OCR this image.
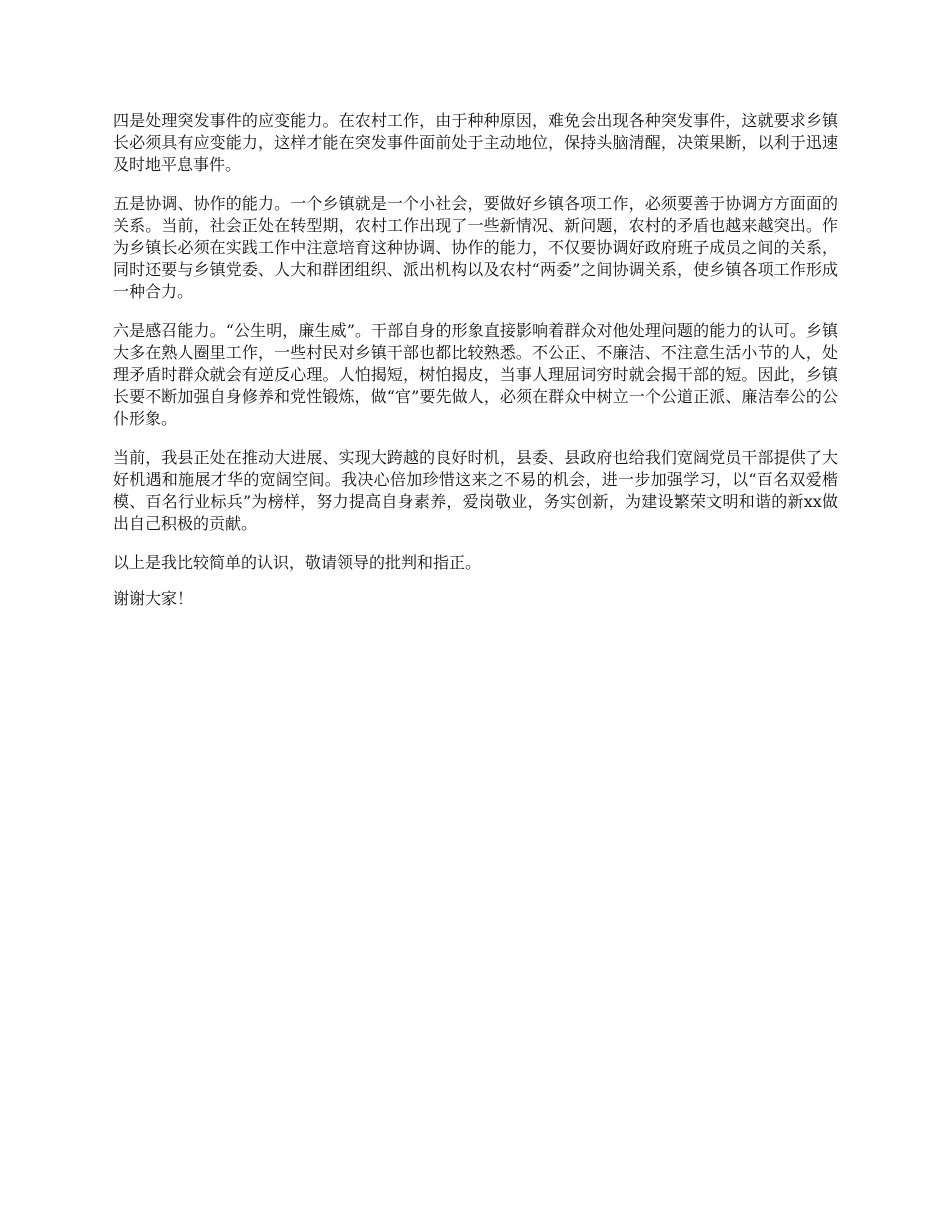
四是处理突发事件的应变能力。在农村工作，由于种种原因，难免会出现各种突发事件，这就要求乡镇长必须具有应变能力，这样才能在突发事件面前处于主动地位，保持头脑清醒，决策果断，以利于迅速及时地平息事件。

五是协调、协作的能力。一个乡镇就是一个小社会，要做好乡镇各项工作，必须要善于协调方方面面的关系。当前，社会正处在转型期，农村工作出现了一些新情况、新问题，农村的矛盾也越来越突出。作为乡镇长必须在实践工作中注意培育这种协调、协作的能力，不仅要协调好政府班子成员之间的关系，同时还要与乡镇党委、人大和群团组织、派出机构以及农村“两委”之间协调关系，使乡镇各项工作形成一种合力。

六是感召能力。“公生明，廉生威”。干部自身的形象直接影响着群众对他处理问题的能力的认可。乡镇大多在熟人圈里工作，一些村民对乡镇干部也都比较熟悉。不公正、不廉洁、不注意生活小节的人，处理矛盾时群众就会有逆反心理。人怕揭短，树怕揭皮，当事人理屈词穷时就会揭干部的短。因此，乡镇长要不断加强自身修养和党性锻炼，做“官”要先做人，必须在群众中树立一个公道正派、廉洁奉公的公仆形象。

当前，我县正处在推动大进展、实现大跨越的良好时机，县委、县政府也给我们宽阔党员干部提供了大好机遇和施展才华的宽阔空间。我决心倍加珍惜这来之不易的机会，进一步加强学习，以“百名双爱楷模、百名行业标兵”为榜样，努力提高自身素养，爱岗敬业，务实创新，为建设繁荣文明和谐的新xx做出自己积极的贡献。

以上是我比较简单的认识，敬请领导的批判和指正。

谢谢大家！
